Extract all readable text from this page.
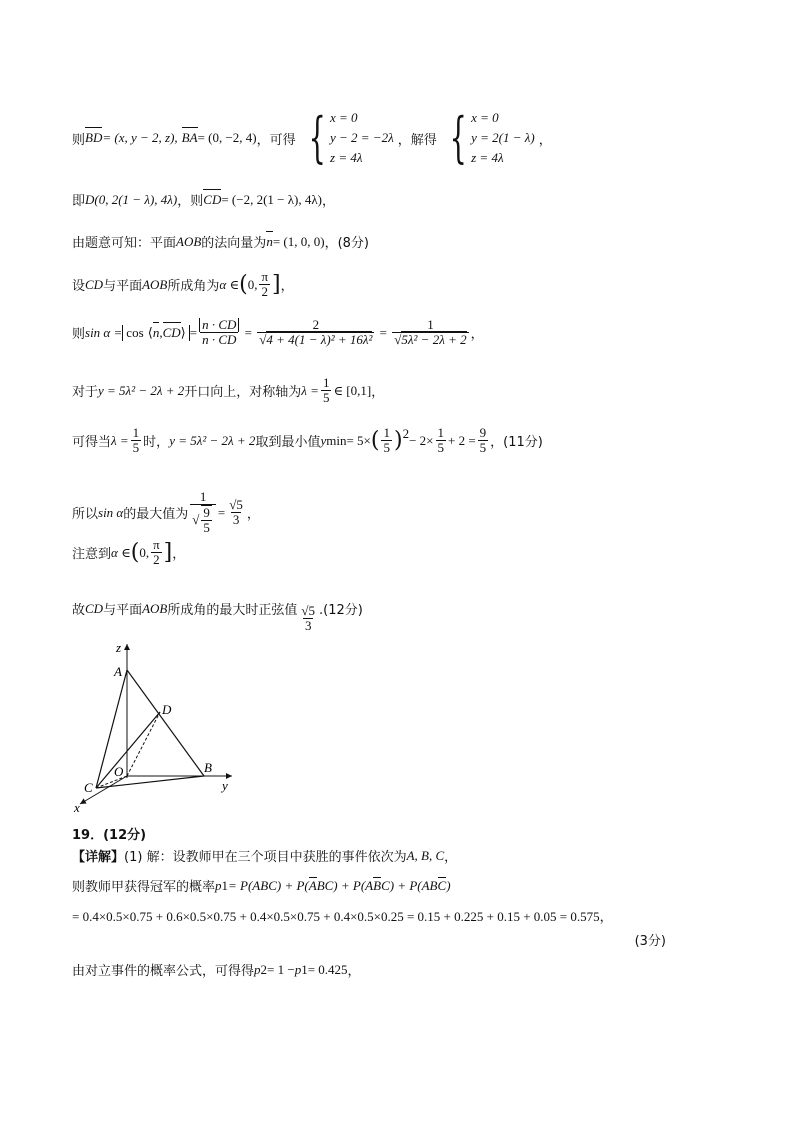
则 BD = (x, y − 2, z), BA = (0, −2, 4) ，可得 { x = 0
y − 2 = −2λ
z = 4λ
，解得 { x = 0
y = 2(1 − λ)
z = 4λ
，
即 D(0, 2(1 − λ), 4λ) ，则 CD = (−2, 2(1 − λ), 4λ) ，
由题意可知：平面 AOB 的法向量为 n = (1, 0, 0) ，(8分)
设 CD 与平面 AOB 所成角为 α ∈ ( 0, $\frac{\pi}{2}$ ] ，
则 sin α = cos ⟨n,CD⟩ = $\frac{n \cdot CD}{n \cdot CD} = \frac{2}{\text{√4 + 4(1 − λ)² + 16λ²}} = \frac{1}{\text{√5λ² − 2λ + 2}}$ ，
对于 y = 5λ² − 2λ + 2 开口向上，对称轴为 $\lambda = \frac{1}{5}$ ∈ [0,1] ，
可得当 $\lambda = \frac{1}{5}$ 时， y = 5λ² − 2λ + 2 取到最小值 y min = 5× ( $\frac{1}{5}$ ) $2 - 2\times \frac{1}{5} + 2 = \frac{9}{5}$ ，(11分)
所以 sin α 的最大值为 $\frac{1}{√ \frac{9}{5}} = \frac{√5}{3}$ ，
注意到 α ∈ ( 0, $\frac{\pi}{2}$ ] ，
故 CD 与平面 AOB 所成角的最大时正弦值 $\frac{√5}{3} .(12$分)
z
A
D
O	B
C	y
x
19．(12分)
【详解】 (1) 解：设教师甲在三个项目中获胜的事件依次为 A, B, C ，
则教师甲获得冠军的概率 p 1 = P(ABC) + P( A BC) + P(A B C) + P(AB C )
= 0.4×0.5×0.75 + 0.6×0.5×0.75 + 0.4×0.5×0.75 + 0.4×0.5×0.25 = 0.15 + 0.225 + 0.15 + 0.05 = 0.575，
(3分)
由对立事件的概率公式，可得得 p 2 = 1 − p 1 = 0.425 ，
